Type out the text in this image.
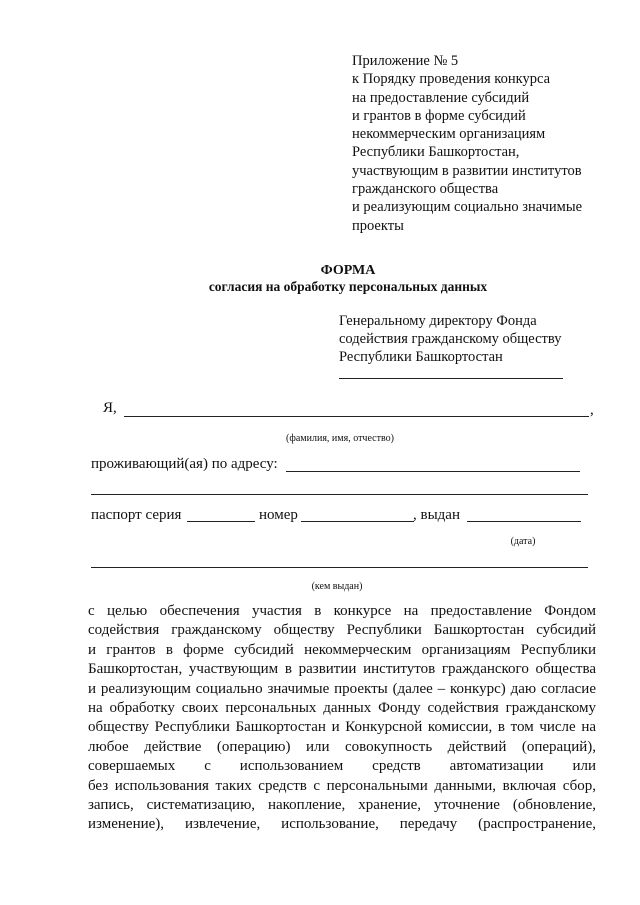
Приложение № 5
к Порядку проведения конкурса
на предоставление субсидий
и грантов в форме субсидий
некоммерческим организациям
Республики Башкортостан,
участвующим в развитии институтов
гражданского общества
и реализующим социально значимые
проекты
ФОРМА
согласия на обработку персональных данных
Генеральному директору Фонда
содействия гражданскому обществу
Республики Башкортостан
Я,	,
(фамилия, имя, отчество)
проживающий(ая) по адресу:
паспорт серия	номер	, выдан
(дата)
(кем выдан)
с целью обеспечения участия в конкурсе на предоставление Фондом
содействия гражданскому обществу Республики Башкортостан субсидий
и грантов в форме субсидий некоммерческим организациям Республики
Башкортостан, участвующим в развитии институтов гражданского общества
и реализующим социально значимые проекты (далее – конкурс) даю согласие
на обработку своих персональных данных Фонду содействия гражданскому
обществу Республики Башкортостан и Конкурсной комиссии, в том числе на
любое действие (операцию) или совокупность действий (операций),
совершаемых с использованием средств автоматизации или
без использования таких средств с персональными данными, включая сбор,
запись, систематизацию, накопление, хранение, уточнение (обновление,
изменение), извлечение, использование, передачу (распространение,
